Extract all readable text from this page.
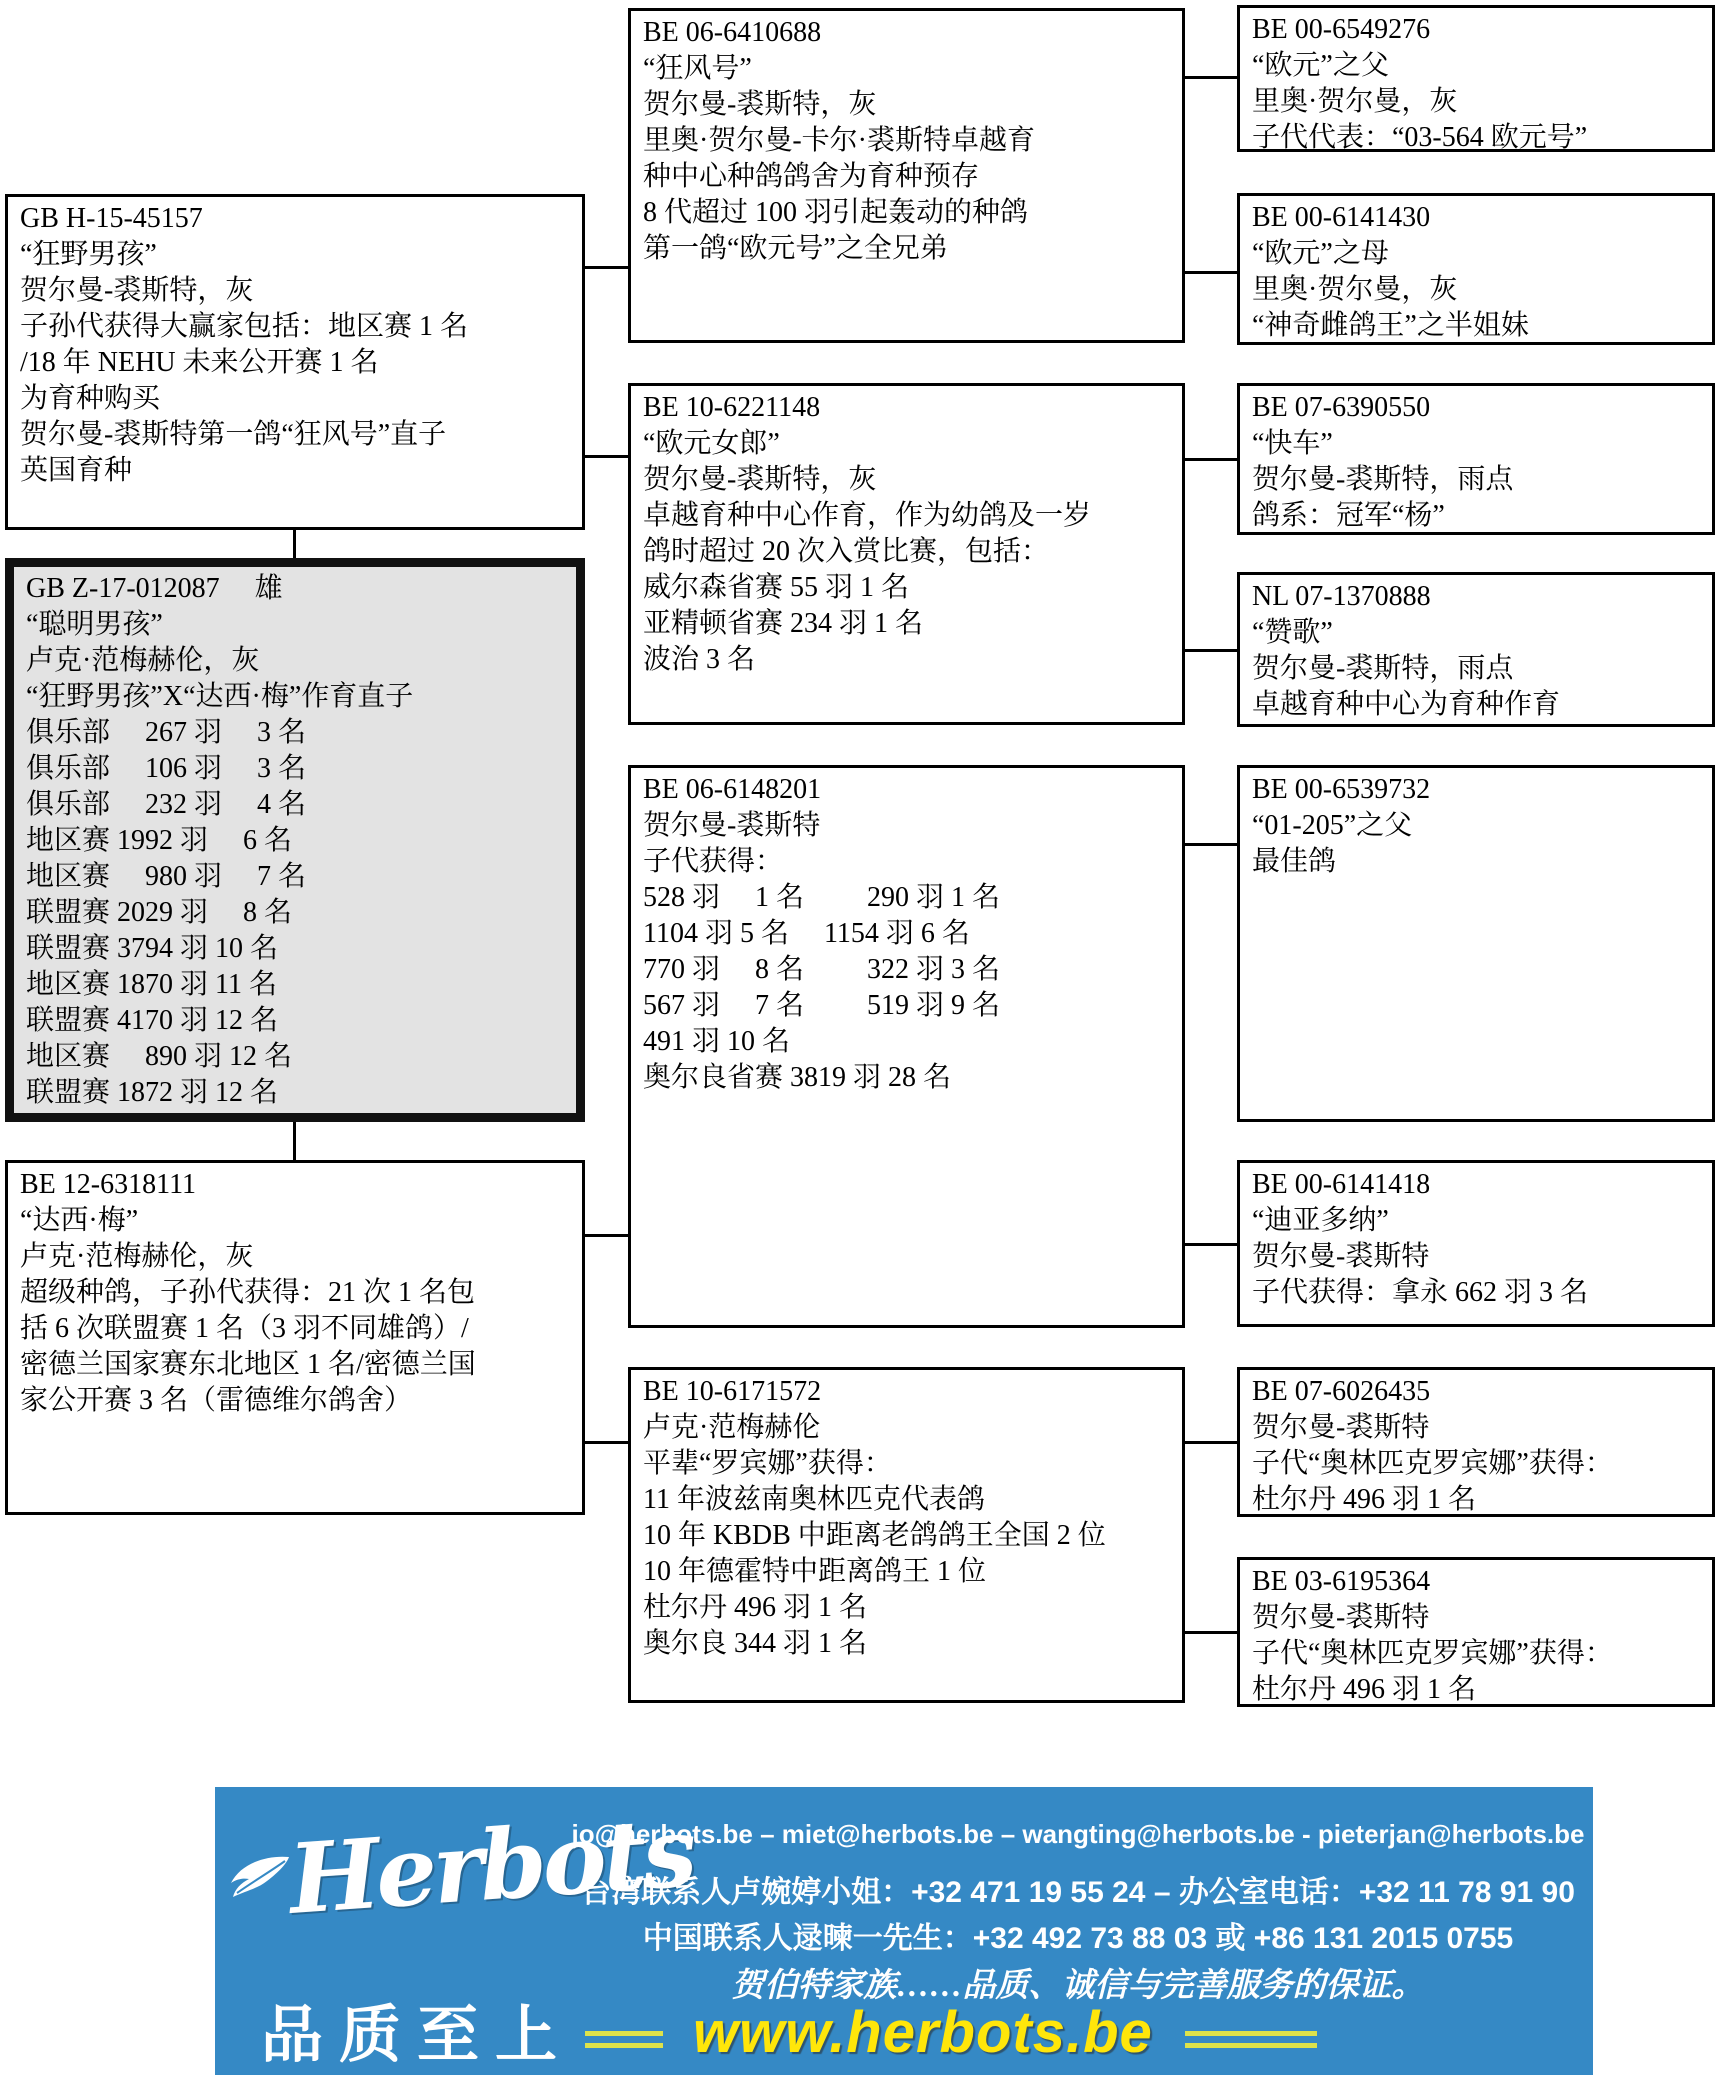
GB H-15-45157
“狂野男孩”
贺尔曼-裘斯特，灰
子孙代获得大赢家包括：地区赛 1 名
/18 年 NEHU 未来公开赛 1 名
为育种购买
贺尔曼-裘斯特第一鸽“狂风号”直子
英国育种
GB Z-17-012087　 雄
“聪明男孩”
卢克·范梅赫伦，灰
“狂野男孩”X“达西·梅”作育直子
俱乐部　 267 羽　 3 名
俱乐部　 106 羽　 3 名
俱乐部　 232 羽　 4 名
地区赛 1992 羽　 6 名
地区赛　 980 羽　 7 名
联盟赛 2029 羽　 8 名
联盟赛 3794 羽 10 名
地区赛 1870 羽 11 名
联盟赛 4170 羽 12 名
地区赛　 890 羽 12 名
联盟赛 1872 羽 12 名
BE 12-6318111
“达西·梅”
卢克·范梅赫伦，灰
超级种鸽，子孙代获得：21 次 1 名包
括 6 次联盟赛 1 名（3 羽不同雄鸽）/
密德兰国家赛东北地区 1 名/密德兰国
家公开赛 3 名（雷德维尔鸽舍）
BE 06-6410688
“狂风号”
贺尔曼-裘斯特，灰
里奥·贺尔曼-卡尔·裘斯特卓越育
种中心种鸽鸽舍为育种预存
8 代超过 100 羽引起轰动的种鸽
第一鸽“欧元号”之全兄弟
BE 10-6221148
“欧元女郎”
贺尔曼-裘斯特，灰
卓越育种中心作育，作为幼鸽及一岁
鸽时超过 20 次入赏比赛，包括：
威尔森省赛 55 羽 1 名
亚精顿省赛 234 羽 1 名
波治 3 名
BE 06-6148201
贺尔曼-裘斯特
子代获得：
528 羽　 1 名　　 290 羽 1 名
1104 羽 5 名　 1154 羽 6 名
770 羽　 8 名　　 322 羽 3 名
567 羽　 7 名　　 519 羽 9 名
491 羽 10 名
奥尔良省赛 3819 羽 28 名
BE 10-6171572
卢克·范梅赫伦
平辈“罗宾娜”获得：
11 年波兹南奥林匹克代表鸽
10 年 KBDB 中距离老鸽鸽王全国 2 位
10 年德霍特中距离鸽王 1 位
杜尔丹 496 羽 1 名
奥尔良 344 羽 1 名
BE 00-6549276
“欧元”之父
里奥·贺尔曼，灰
子代代表：“03-564 欧元号”
BE 00-6141430
“欧元”之母
里奥·贺尔曼，灰
“神奇雌鸽王”之半姐妹
BE 07-6390550
“快车”
贺尔曼-裘斯特，雨点
鸽系：冠军“杨”
NL 07-1370888
“赞歌”
贺尔曼-裘斯特，雨点
卓越育种中心为育种作育
BE 00-6539732
“01-205”之父
最佳鸽
BE 00-6141418
“迪亚多纳”
贺尔曼-裘斯特
子代获得：拿永 662 羽 3 名
BE 07-6026435
贺尔曼-裘斯特
子代“奥林匹克罗宾娜”获得：
杜尔丹 496 羽 1 名
BE 03-6195364
贺尔曼-裘斯特
子代“奥林匹克罗宾娜”获得：
杜尔丹 496 羽 1 名
Herbots
品质至上
jo@herbots.be – miet@herbots.be – wangting@herbots.be - pieterjan@herbots.be
台湾联系人卢婉婷小姐：+32 471 19 55 24 – 办公室电话：+32 11 78 91 90
中国联系人逯暕一先生：+32 492 73 88 03 或 +86 131 2015 0755
贺伯特家族……品质、诚信与完善服务的保证。
www.herbots.be
